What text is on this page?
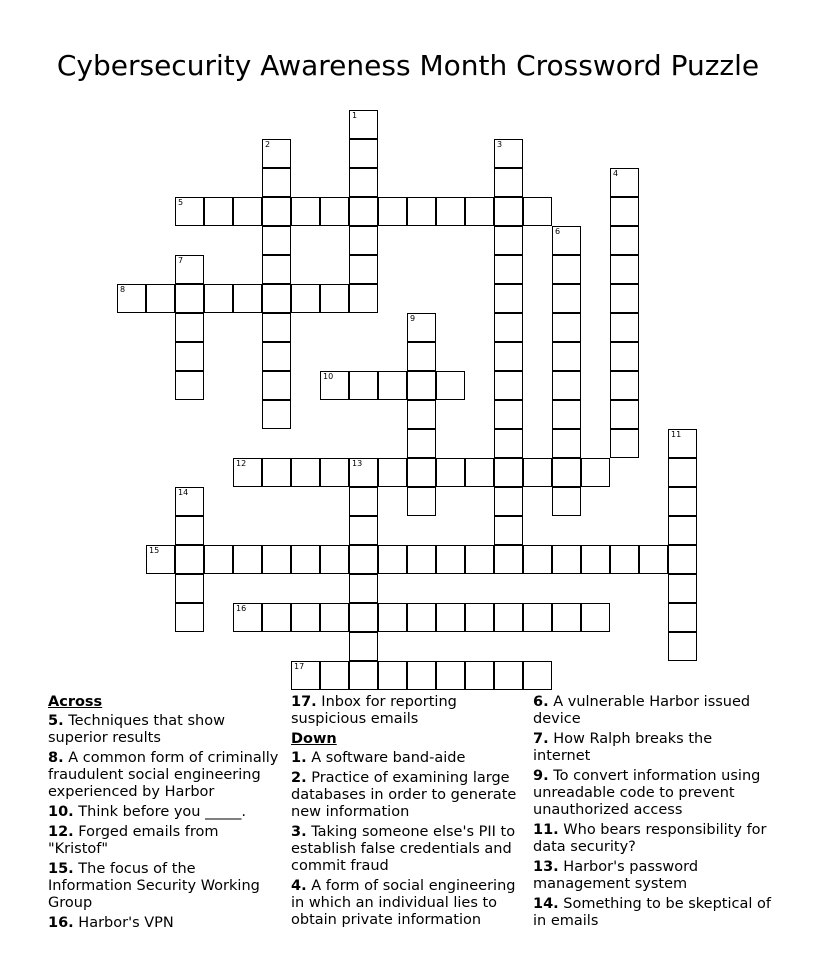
Cybersecurity Awareness Month Crossword Puzzle
1
2	3
4
5
6
7
8
9
10
11
12	13
14
15
16
17
Across
5. Techniques that show superior results
8. A common form of criminally fraudulent social engineering experienced by Harbor
10. Think before you _____.
12. Forged emails from "Kristof"
15. The focus of the Information Security Working Group
16. Harbor's VPN
17. Inbox for reporting suspicious emails
Down
1. A software band-aide
2. Practice of examining large databases in order to generate new information
3. Taking someone else's PII to establish false credentials and commit fraud
4. A form of social engineering in which an individual lies to obtain private information
6. A vulnerable Harbor issued device
7. How Ralph breaks the internet
9. To convert information using unreadable code to prevent unauthorized access
11. Who bears responsibility for data security?
13. Harbor's password management system
14. Something to be skeptical of in emails
